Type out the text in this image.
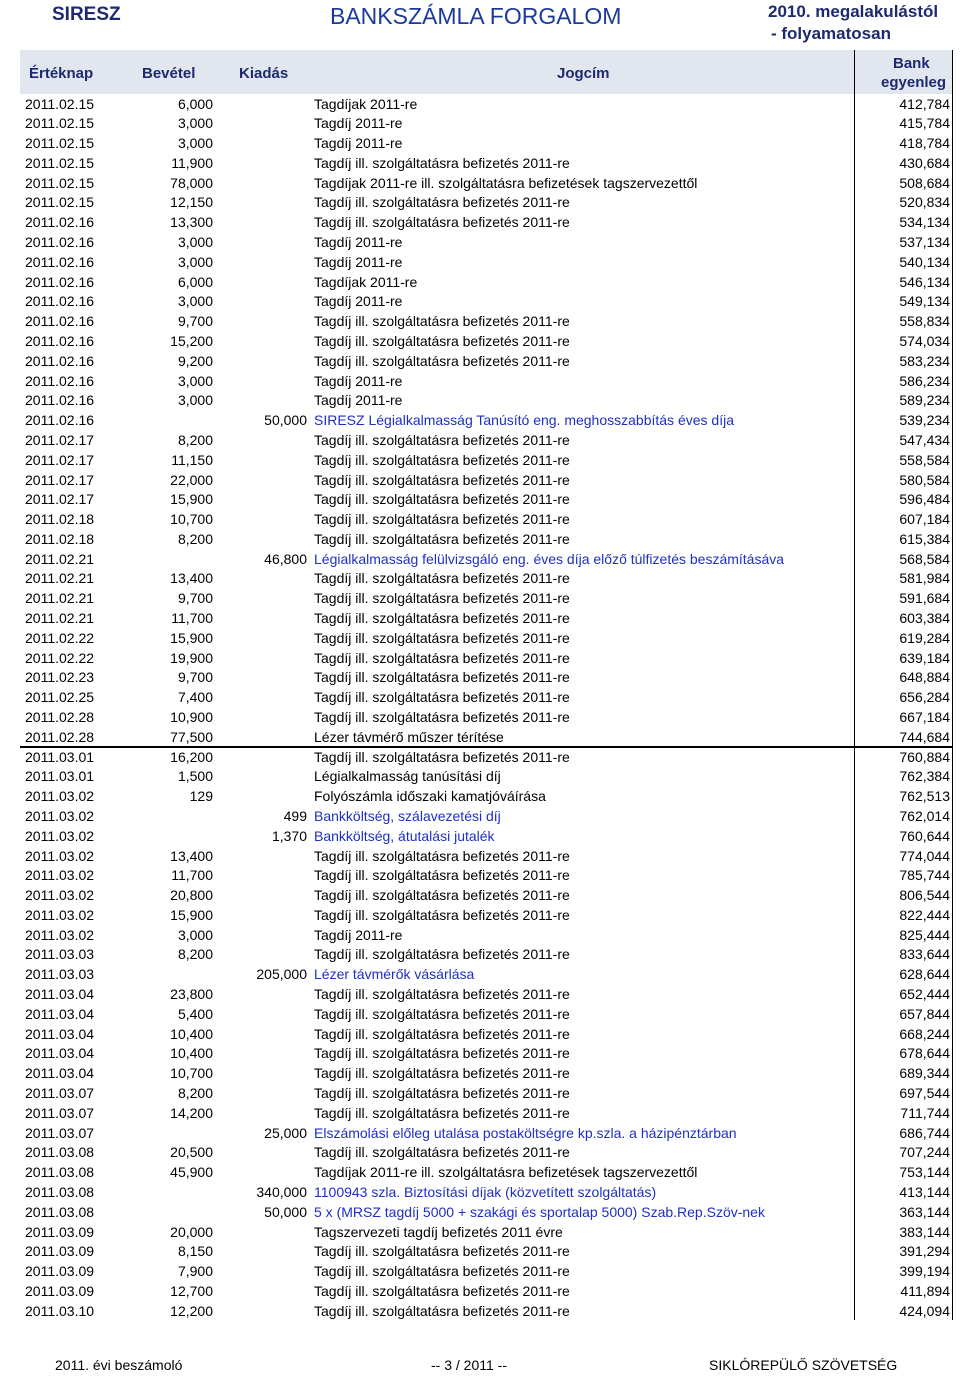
SIRESZ	BANKSZÁMLA FORGALOM	2010. megalakulástól
- folyamatosan
Értéknap	Bevétel	Kiadás	Jogcím
Bank
egyenleg
2011.02.15	6,000	Tagdíjak 2011-re	412,784
2011.02.15	3,000	Tagdíj 2011-re	415,784
2011.02.15	3,000	Tagdíj 2011-re	418,784
2011.02.15	11,900	Tagdíj ill. szolgáltatásra befizetés 2011-re	430,684
2011.02.15	78,000	Tagdíjak 2011-re ill. szolgáltatásra befizetések tagszervezettől	508,684
2011.02.15	12,150	Tagdíj ill. szolgáltatásra befizetés 2011-re	520,834
2011.02.16	13,300	Tagdíj ill. szolgáltatásra befizetés 2011-re	534,134
2011.02.16	3,000	Tagdíj 2011-re	537,134
2011.02.16	3,000	Tagdíj 2011-re	540,134
2011.02.16	6,000	Tagdíjak 2011-re	546,134
2011.02.16	3,000	Tagdíj 2011-re	549,134
2011.02.16	9,700	Tagdíj ill. szolgáltatásra befizetés 2011-re	558,834
2011.02.16	15,200	Tagdíj ill. szolgáltatásra befizetés 2011-re	574,034
2011.02.16	9,200	Tagdíj ill. szolgáltatásra befizetés 2011-re	583,234
2011.02.16	3,000	Tagdíj 2011-re	586,234
2011.02.16	3,000	Tagdíj 2011-re	589,234
2011.02.16	50,000 SIRESZ Légialkalmasság Tanúsító eng. meghosszabbítás éves díja	539,234
2011.02.17	8,200	Tagdíj ill. szolgáltatásra befizetés 2011-re	547,434
2011.02.17	11,150	Tagdíj ill. szolgáltatásra befizetés 2011-re	558,584
2011.02.17	22,000	Tagdíj ill. szolgáltatásra befizetés 2011-re	580,584
2011.02.17	15,900	Tagdíj ill. szolgáltatásra befizetés 2011-re	596,484
2011.02.18	10,700	Tagdíj ill. szolgáltatásra befizetés 2011-re	607,184
2011.02.18	8,200	Tagdíj ill. szolgáltatásra befizetés 2011-re	615,384
2011.02.21	46,800 Légialkalmasság felülvizsgáló eng. éves díja előző túlfizetés beszámításáva	568,584
2011.02.21	13,400	Tagdíj ill. szolgáltatásra befizetés 2011-re	581,984
2011.02.21	9,700	Tagdíj ill. szolgáltatásra befizetés 2011-re	591,684
2011.02.21	11,700	Tagdíj ill. szolgáltatásra befizetés 2011-re	603,384
2011.02.22	15,900	Tagdíj ill. szolgáltatásra befizetés 2011-re	619,284
2011.02.22	19,900	Tagdíj ill. szolgáltatásra befizetés 2011-re	639,184
2011.02.23	9,700	Tagdíj ill. szolgáltatásra befizetés 2011-re	648,884
2011.02.25	7,400	Tagdíj ill. szolgáltatásra befizetés 2011-re	656,284
2011.02.28	10,900	Tagdíj ill. szolgáltatásra befizetés 2011-re	667,184
2011.02.28	77,500	Lézer távmérő műszer térítése	744,684
2011.03.01	16,200	Tagdíj ill. szolgáltatásra befizetés 2011-re	760,884
2011.03.01	1,500	Légialkalmasság tanúsítási díj	762,384
2011.03.02	129	Folyószámla időszaki kamatjóváírása	762,513
2011.03.02	499 Bankköltség, szálavezetési díj	762,014
2011.03.02	1,370 Bankköltség, átutalási jutalék	760,644
2011.03.02	13,400	Tagdíj ill. szolgáltatásra befizetés 2011-re	774,044
2011.03.02	11,700	Tagdíj ill. szolgáltatásra befizetés 2011-re	785,744
2011.03.02	20,800	Tagdíj ill. szolgáltatásra befizetés 2011-re	806,544
2011.03.02	15,900	Tagdíj ill. szolgáltatásra befizetés 2011-re	822,444
2011.03.02	3,000	Tagdíj 2011-re	825,444
2011.03.03	8,200	Tagdíj ill. szolgáltatásra befizetés 2011-re	833,644
2011.03.03	205,000 Lézer távmérők vásárlása	628,644
2011.03.04	23,800	Tagdíj ill. szolgáltatásra befizetés 2011-re	652,444
2011.03.04	5,400	Tagdíj ill. szolgáltatásra befizetés 2011-re	657,844
2011.03.04	10,400	Tagdíj ill. szolgáltatásra befizetés 2011-re	668,244
2011.03.04	10,400	Tagdíj ill. szolgáltatásra befizetés 2011-re	678,644
2011.03.04	10,700	Tagdíj ill. szolgáltatásra befizetés 2011-re	689,344
2011.03.07	8,200	Tagdíj ill. szolgáltatásra befizetés 2011-re	697,544
2011.03.07	14,200	Tagdíj ill. szolgáltatásra befizetés 2011-re	711,744
2011.03.07	25,000 Elszámolási előleg utalása postaköltségre kp.szla. a házipénztárban	686,744
2011.03.08	20,500	Tagdíj ill. szolgáltatásra befizetés 2011-re	707,244
2011.03.08	45,900	Tagdíjak 2011-re ill. szolgáltatásra befizetések tagszervezettől	753,144
2011.03.08	340,000 1100943 szla. Biztosítási díjak (közvetített szolgáltatás)	413,144
2011.03.08	50,000 5 x (MRSZ tagdíj 5000 + szakági és sportalap 5000) Szab.Rep.Szöv-nek	363,144
2011.03.09	20,000	Tagszervezeti tagdíj befizetés 2011 évre	383,144
2011.03.09	8,150	Tagdíj ill. szolgáltatásra befizetés 2011-re	391,294
2011.03.09	7,900	Tagdíj ill. szolgáltatásra befizetés 2011-re	399,194
2011.03.09	12,700	Tagdíj ill. szolgáltatásra befizetés 2011-re	411,894
2011.03.10	12,200	Tagdíj ill. szolgáltatásra befizetés 2011-re	424,094
2011. évi beszámoló	-- 3 / 2011 --	SIKLÓREPÜLŐ SZÖVETSÉG
